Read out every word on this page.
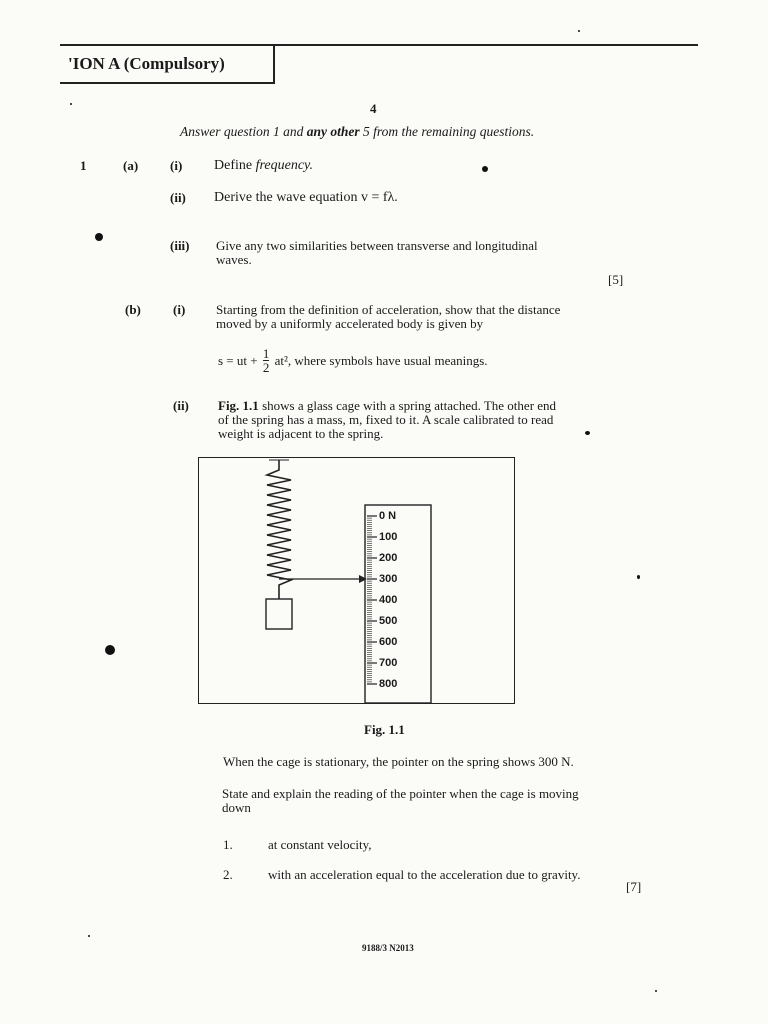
'ION A (Compulsory)
4
Answer question 1 and any other 5 from the remaining questions.
1	(a) (i) Define frequency.
(ii) Derive the wave equation v = fλ.
(iii) Give any two similarities between transverse and longitudinal
waves.
[5]
(b) (i) Starting from the definition of acceleration, show that the distance
moved by a uniformly accelerated body is given by
s = ut + $\frac{1}{2} at^2$, where symbols have usual meanings.
(ii) Fig. 1.1 shows a glass cage with a spring attached. The other end
of the spring has a mass, m, fixed to it. A scale calibrated to read
weight is adjacent to the spring.
0 N
100
200
300
400
500
600
700
800
Fig. 1.1
When the cage is stationary, the pointer on the spring shows 300 N.
State and explain the reading of the pointer when the cage is moving
down
1.	at constant velocity,
2.	with an acceleration equal to the acceleration due to gravity.
[7]
9188/3 N2013
